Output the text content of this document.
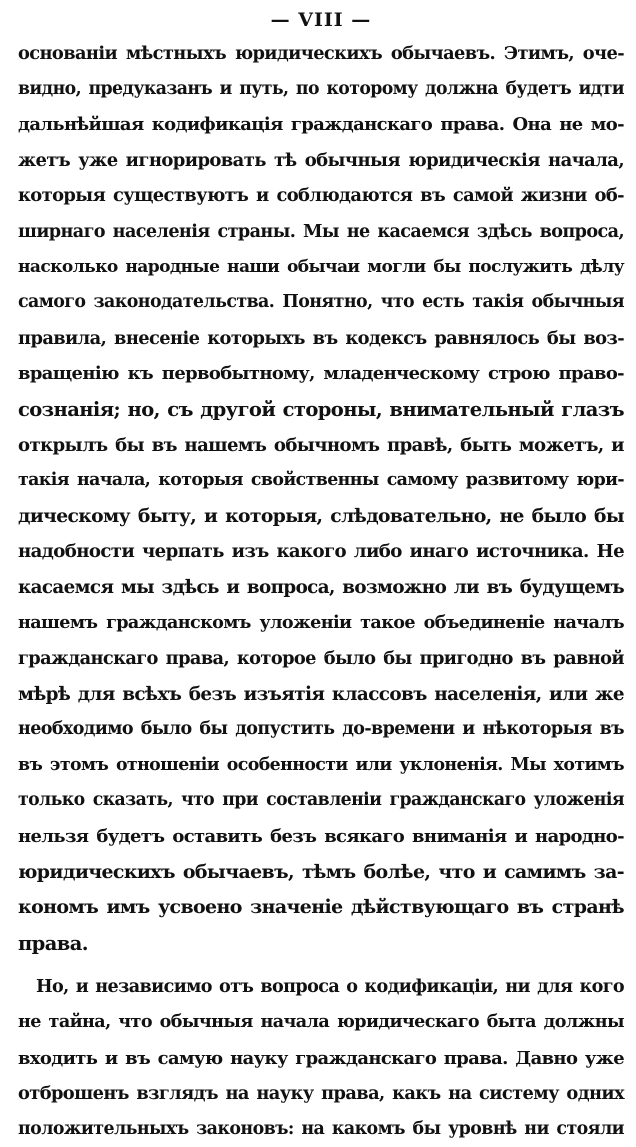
— VIII —
основаніи мѣстныхъ юридическихъ обычаевъ. Этимъ, оче-
видно, предуказанъ и путь, по которому должна будетъ идти
дальнѣйшая кодификація гражданскаго права. Она не мо-
жетъ уже игнорировать тѣ обычныя юридическія начала,
которыя существуютъ и соблюдаются въ самой жизни об-
ширнаго населенія страны. Мы не касаемся здѣсь вопроса,
насколько народные наши обычаи могли бы послужить дѣлу
самого законодательства. Понятно, что есть такія обычныя
правила, внесеніе которыхъ въ кодексъ равнялось бы воз-
вращенію къ первобытному, младенческому строю право-
сознанія; но, съ другой стороны, внимательный глазъ
открылъ бы въ нашемъ обычномъ правѣ, быть можетъ, и
такія начала, которыя свойственны самому развитому юри-
дическому быту, и которыя, слѣдовательно, не было бы
надобности черпать изъ какого либо инаго источника. Не
касаемся мы здѣсь и вопроса, возможно ли въ будущемъ
нашемъ гражданскомъ уложеніи такое объединеніе началъ
гражданскаго права, которое было бы пригодно въ равной
мѣрѣ для всѣхъ безъ изъятія классовъ населенія, или же
необходимо было бы допустить до-времени и нѣкоторыя въ
въ этомъ отношеніи особенности или уклоненія. Мы хотимъ
только сказать, что при составленіи гражданскаго уложенія
нельзя будетъ оставить безъ всякаго вниманія и народно-
юридическихъ обычаевъ, тѣмъ болѣе, что и самимъ за-
кономъ имъ усвоено значеніе дѣйствующаго въ странѣ
права.
Но, и независимо отъ вопроса о кодификаціи, ни для кого
не тайна, что обычныя начала юридическаго быта должны
входить и въ самую науку гражданскаго права. Давно уже
отброшенъ взглядъ на науку права, какъ на систему одних
положительныхъ законовъ: на какомъ бы уровнѣ ни стояли
